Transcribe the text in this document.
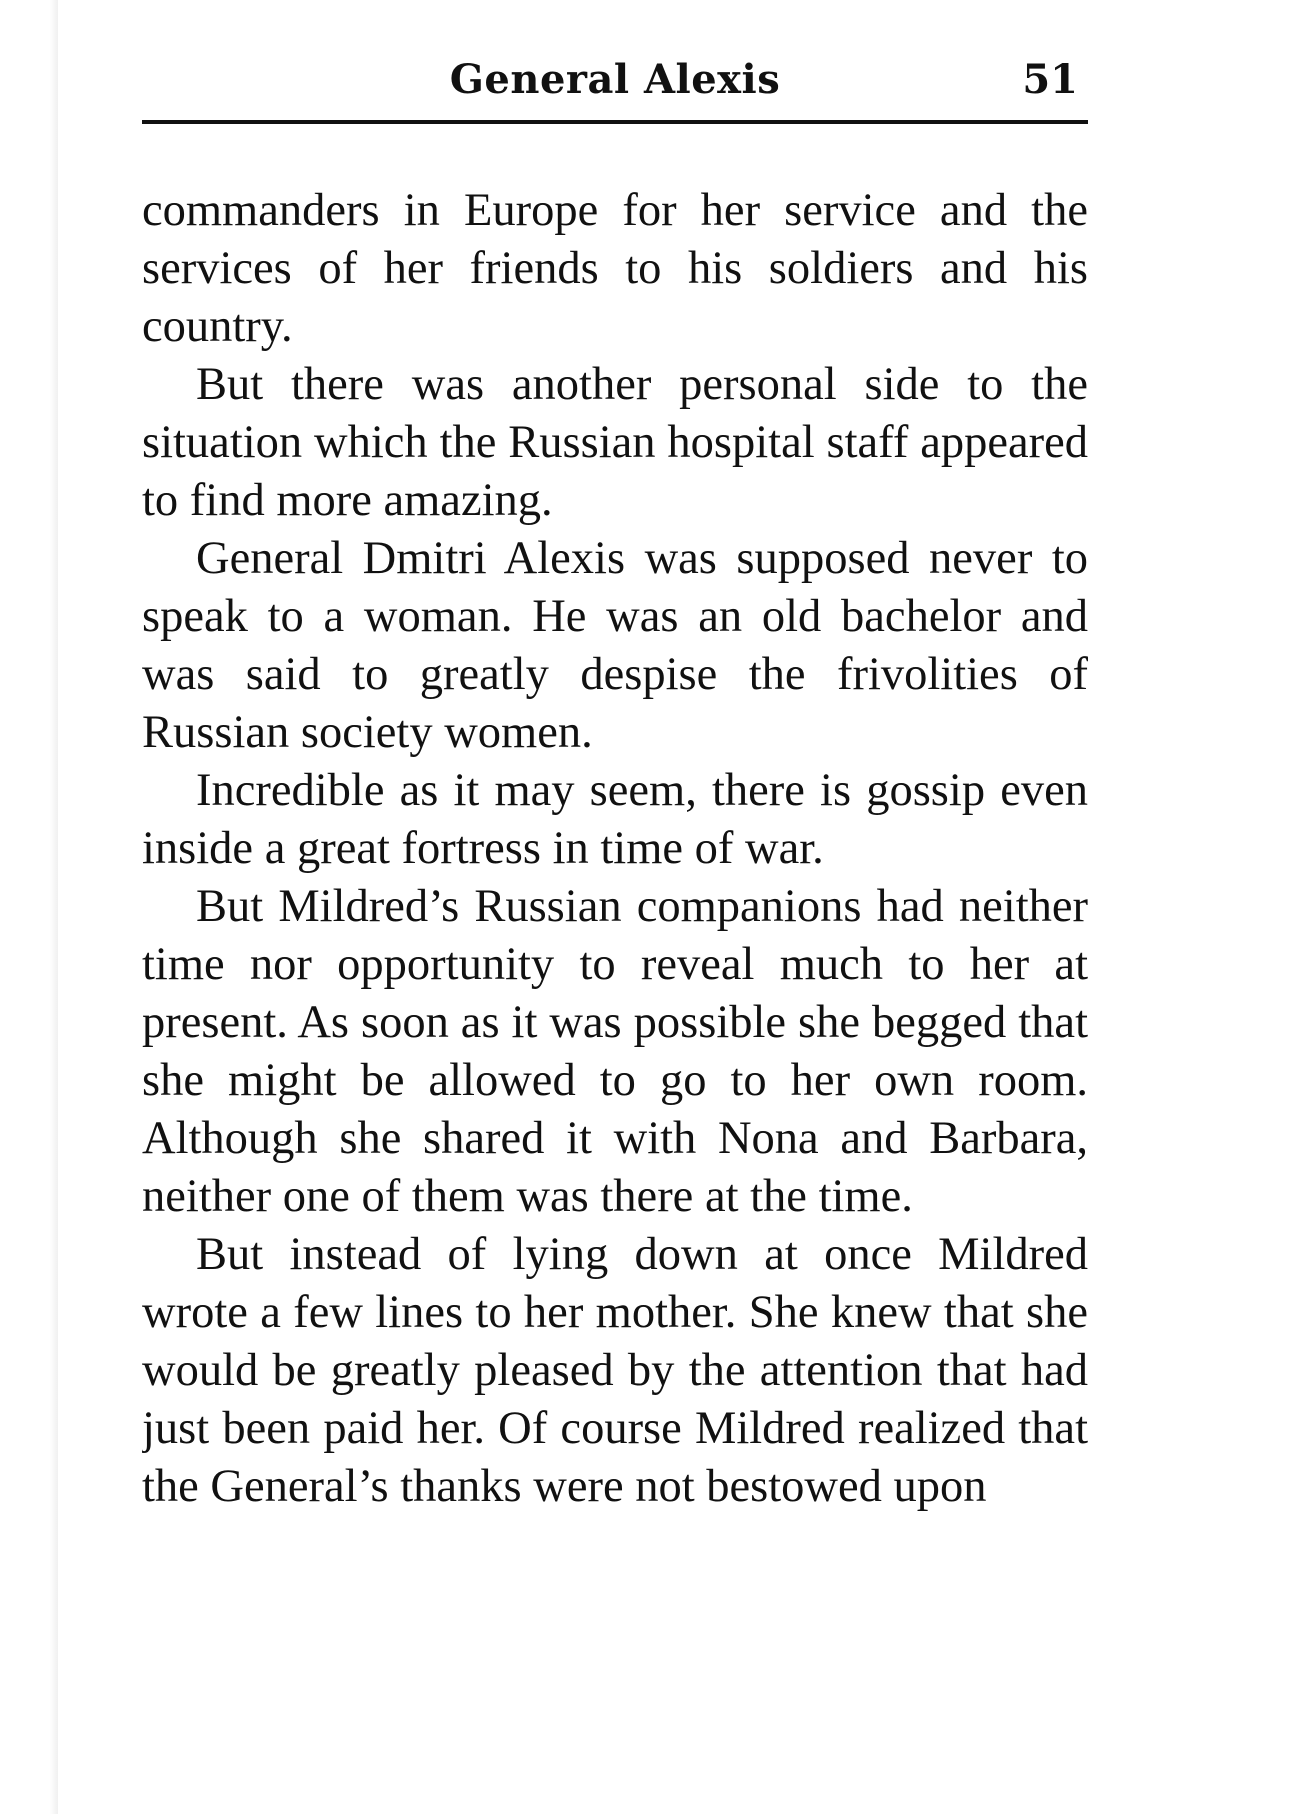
General Alexis	51

commanders in Europe for her service and the services of her friends to his soldiers and his country.

But there was another personal side to the situation which the Russian hospital staff appeared to find more amazing.

General Dmitri Alexis was supposed never to speak to a woman. He was an old bachelor and was said to greatly despise the frivolities of Russian society women.

Incredible as it may seem, there is gossip even inside a great fortress in time of war.

But Mildred’s Russian companions had neither time nor opportunity to reveal much to her at present. As soon as it was possible she begged that she might be allowed to go to her own room. Although she shared it with Nona and Barbara, neither one of them was there at the time.

But instead of lying down at once Mildred wrote a few lines to her mother. She knew that she would be greatly pleased by the attention that had just been paid her. Of course Mildred realized that the General’s thanks were not bestowed upon
